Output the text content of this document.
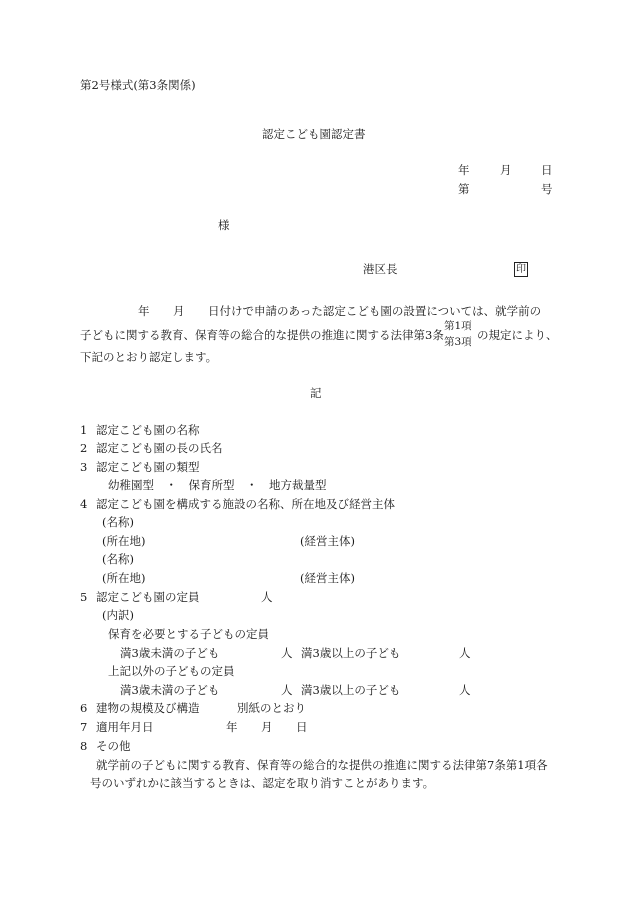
第2号様式(第3条関係)
認定こども園認定書
年	月	日
第	号
様
港区長	印
年 月 日付けで申請のあった認定こども園の設置については、就学前の
子どもに関する教育、保育等の総合的な提供の推進に関する法律第3条
第1項
第3項 の規定により、
下記のとおり認定します。
記
1 認定こども園の名称
2 認定こども園の長の氏名
3 認定こども園の類型
幼稚園型　・　保育所型　・　地方裁量型
4 認定こども園を構成する施設の名称、所在地及び経営主体
(名称)
(所在地)	(経営主体)
(名称)
(所在地)	(経営主体)
5 認定こども園の定員	人
(内訳)
保育を必要とする子どもの定員
満3歳未満の子ども	人 満3歳以上の子ども	人
上記以外の子どもの定員
満3歳未満の子ども	人 満3歳以上の子ども	人
6 建物の規模及び構造	別紙のとおり
7 適用年月日	年 月 日
8 その他
就学前の子どもに関する教育、保育等の総合的な提供の推進に関する法律第7条第1項各
号のいずれかに該当するときは、認定を取り消すことがあります。
